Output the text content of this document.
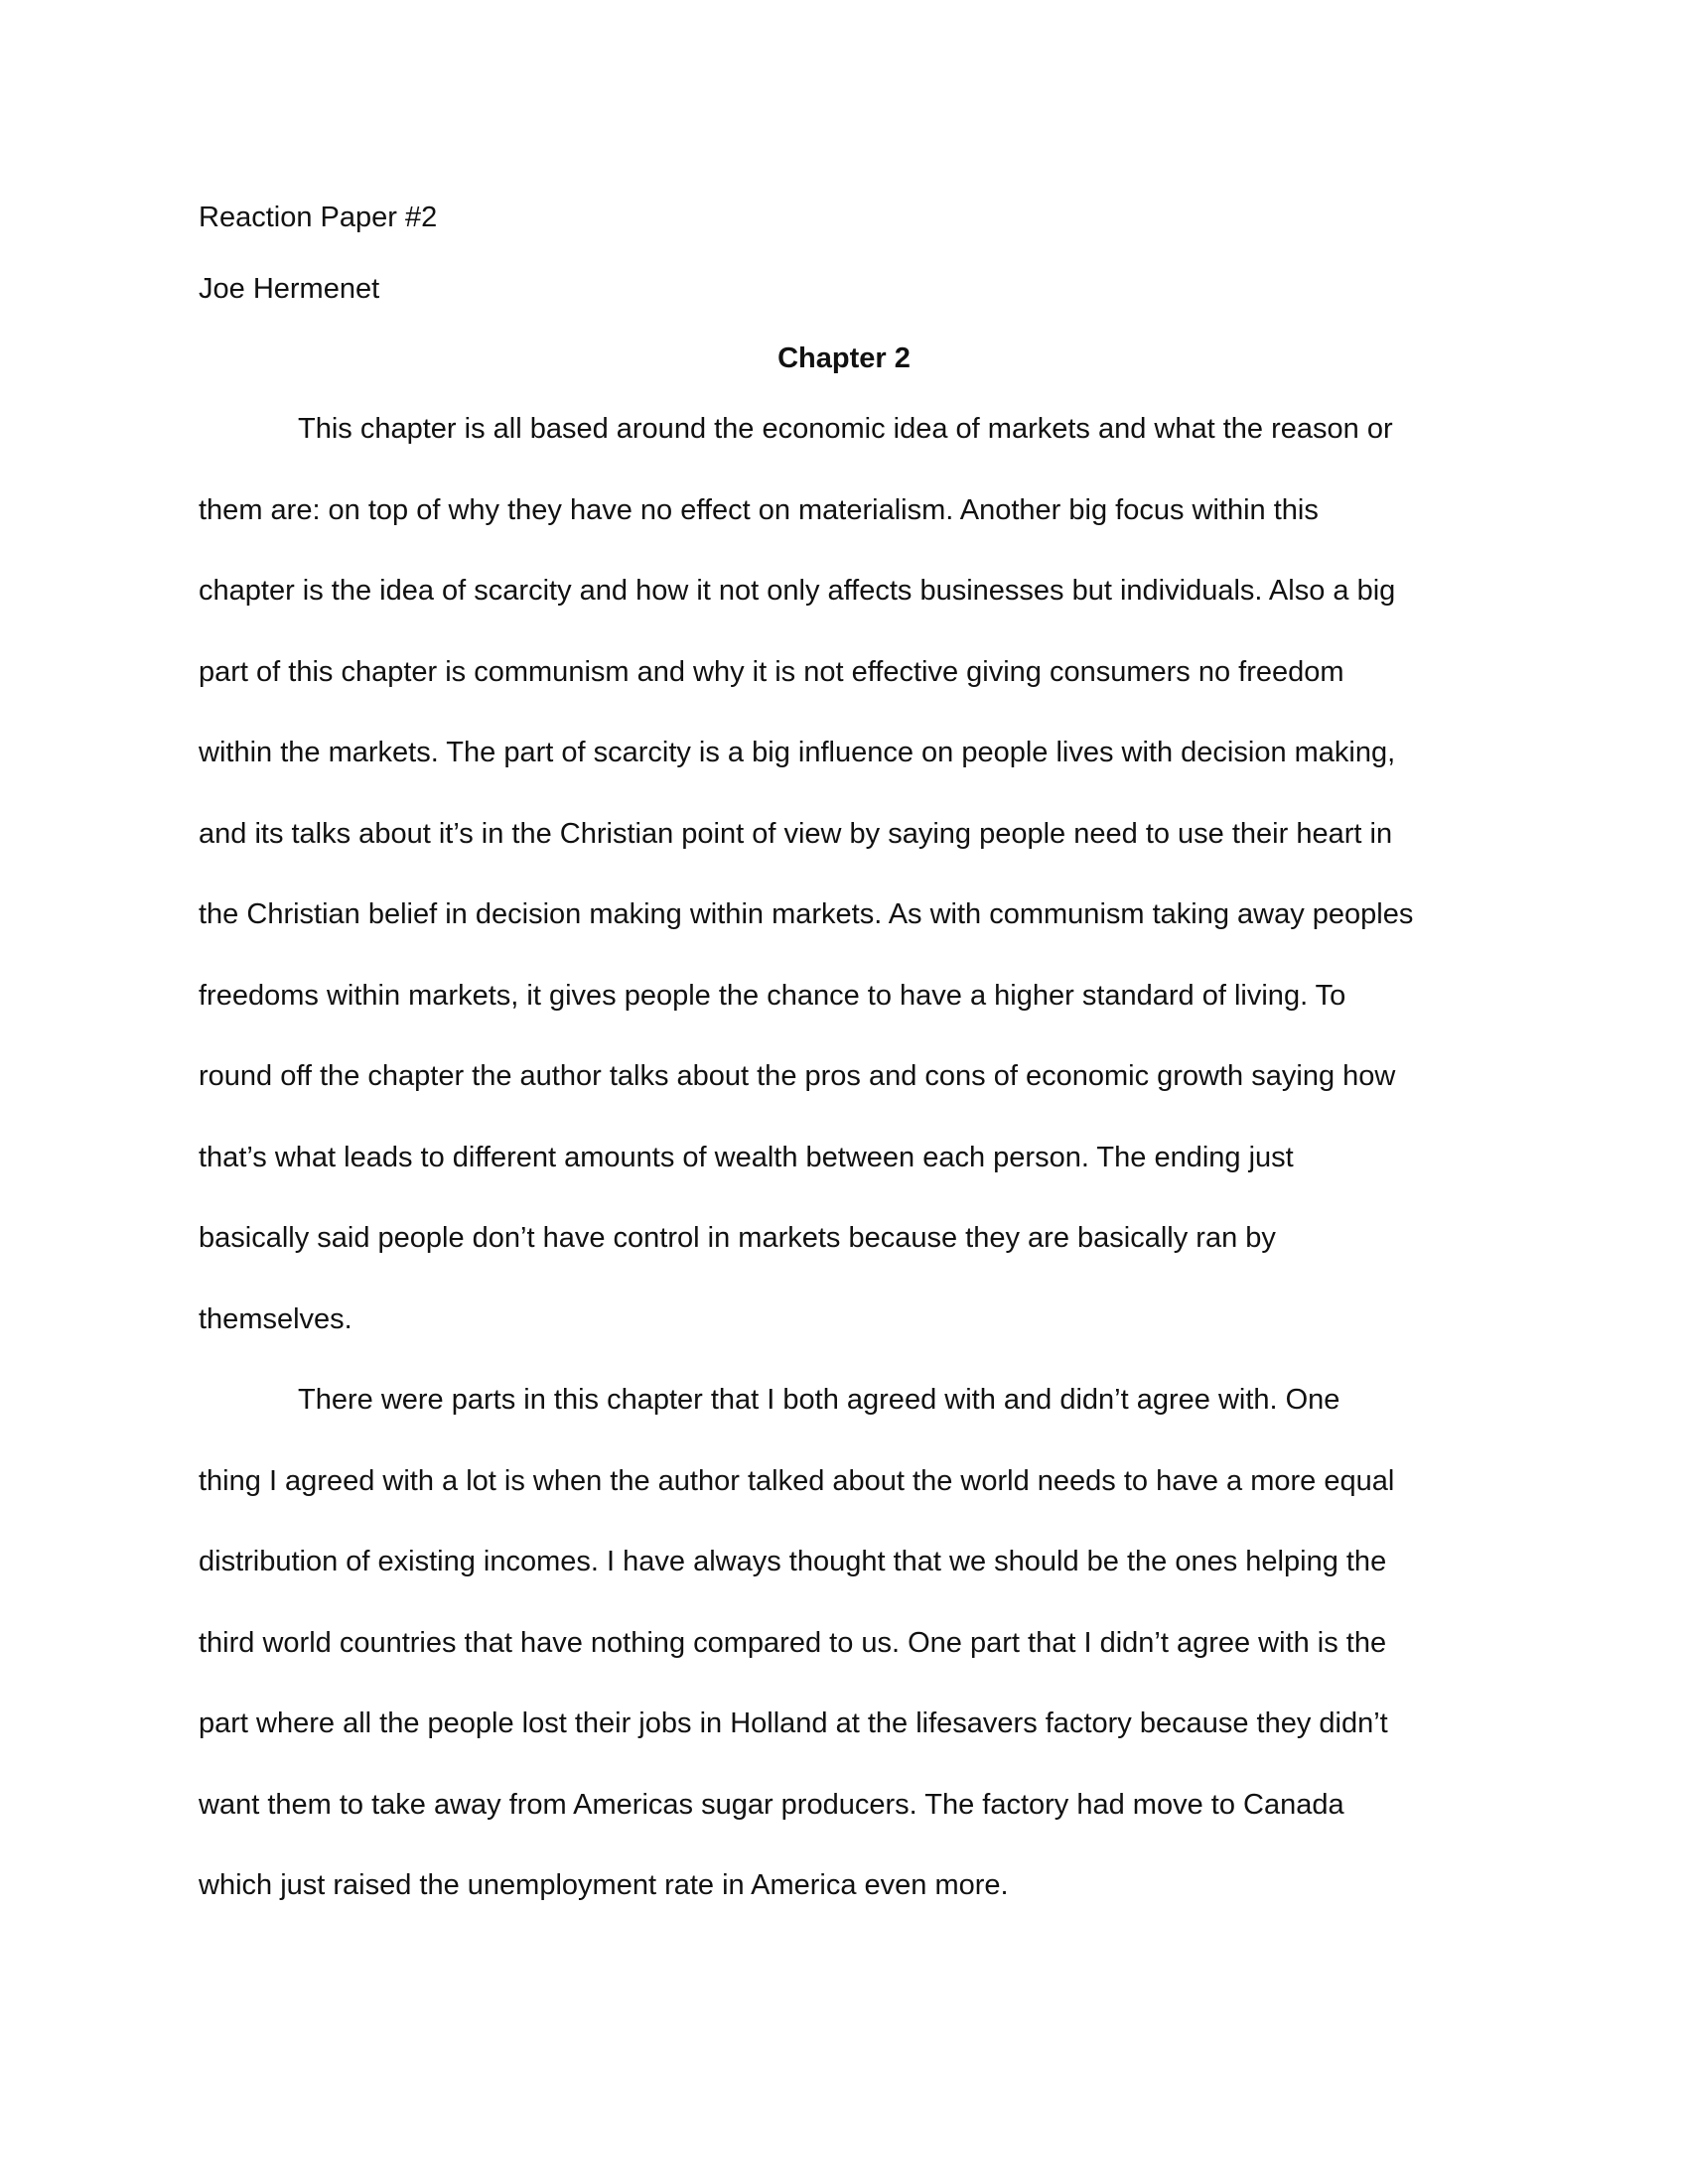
Reaction Paper #2

Joe Hermenet

Chapter 2

This chapter is all based around the economic idea of markets and what the reason or

them are: on top of why they have no effect on materialism. Another big focus within this

chapter is the idea of scarcity and how it not only affects businesses but individuals. Also a big

part of this chapter is communism and why it is not effective giving consumers no freedom

within the markets. The part of scarcity is a big influence on people lives with decision making,

and its talks about it’s in the Christian point of view by saying people need to use their heart in

the Christian belief in decision making within markets. As with communism taking away peoples

freedoms within markets, it gives people the chance to have a higher standard of living. To

round off the chapter the author talks about the pros and cons of economic growth saying how

that’s what leads to different amounts of wealth between each person. The ending just

basically said people don’t have control in markets because they are basically ran by

themselves.

There were parts in this chapter that I both agreed with and didn’t agree with. One

thing I agreed with a lot is when the author talked about the world needs to have a more equal

distribution of existing incomes. I have always thought that we should be the ones helping the

third world countries that have nothing compared to us. One part that I didn’t agree with is the

part where all the people lost their jobs in Holland at the lifesavers factory because they didn’t

want them to take away from Americas sugar producers. The factory had move to Canada

which just raised the unemployment rate in America even more.
